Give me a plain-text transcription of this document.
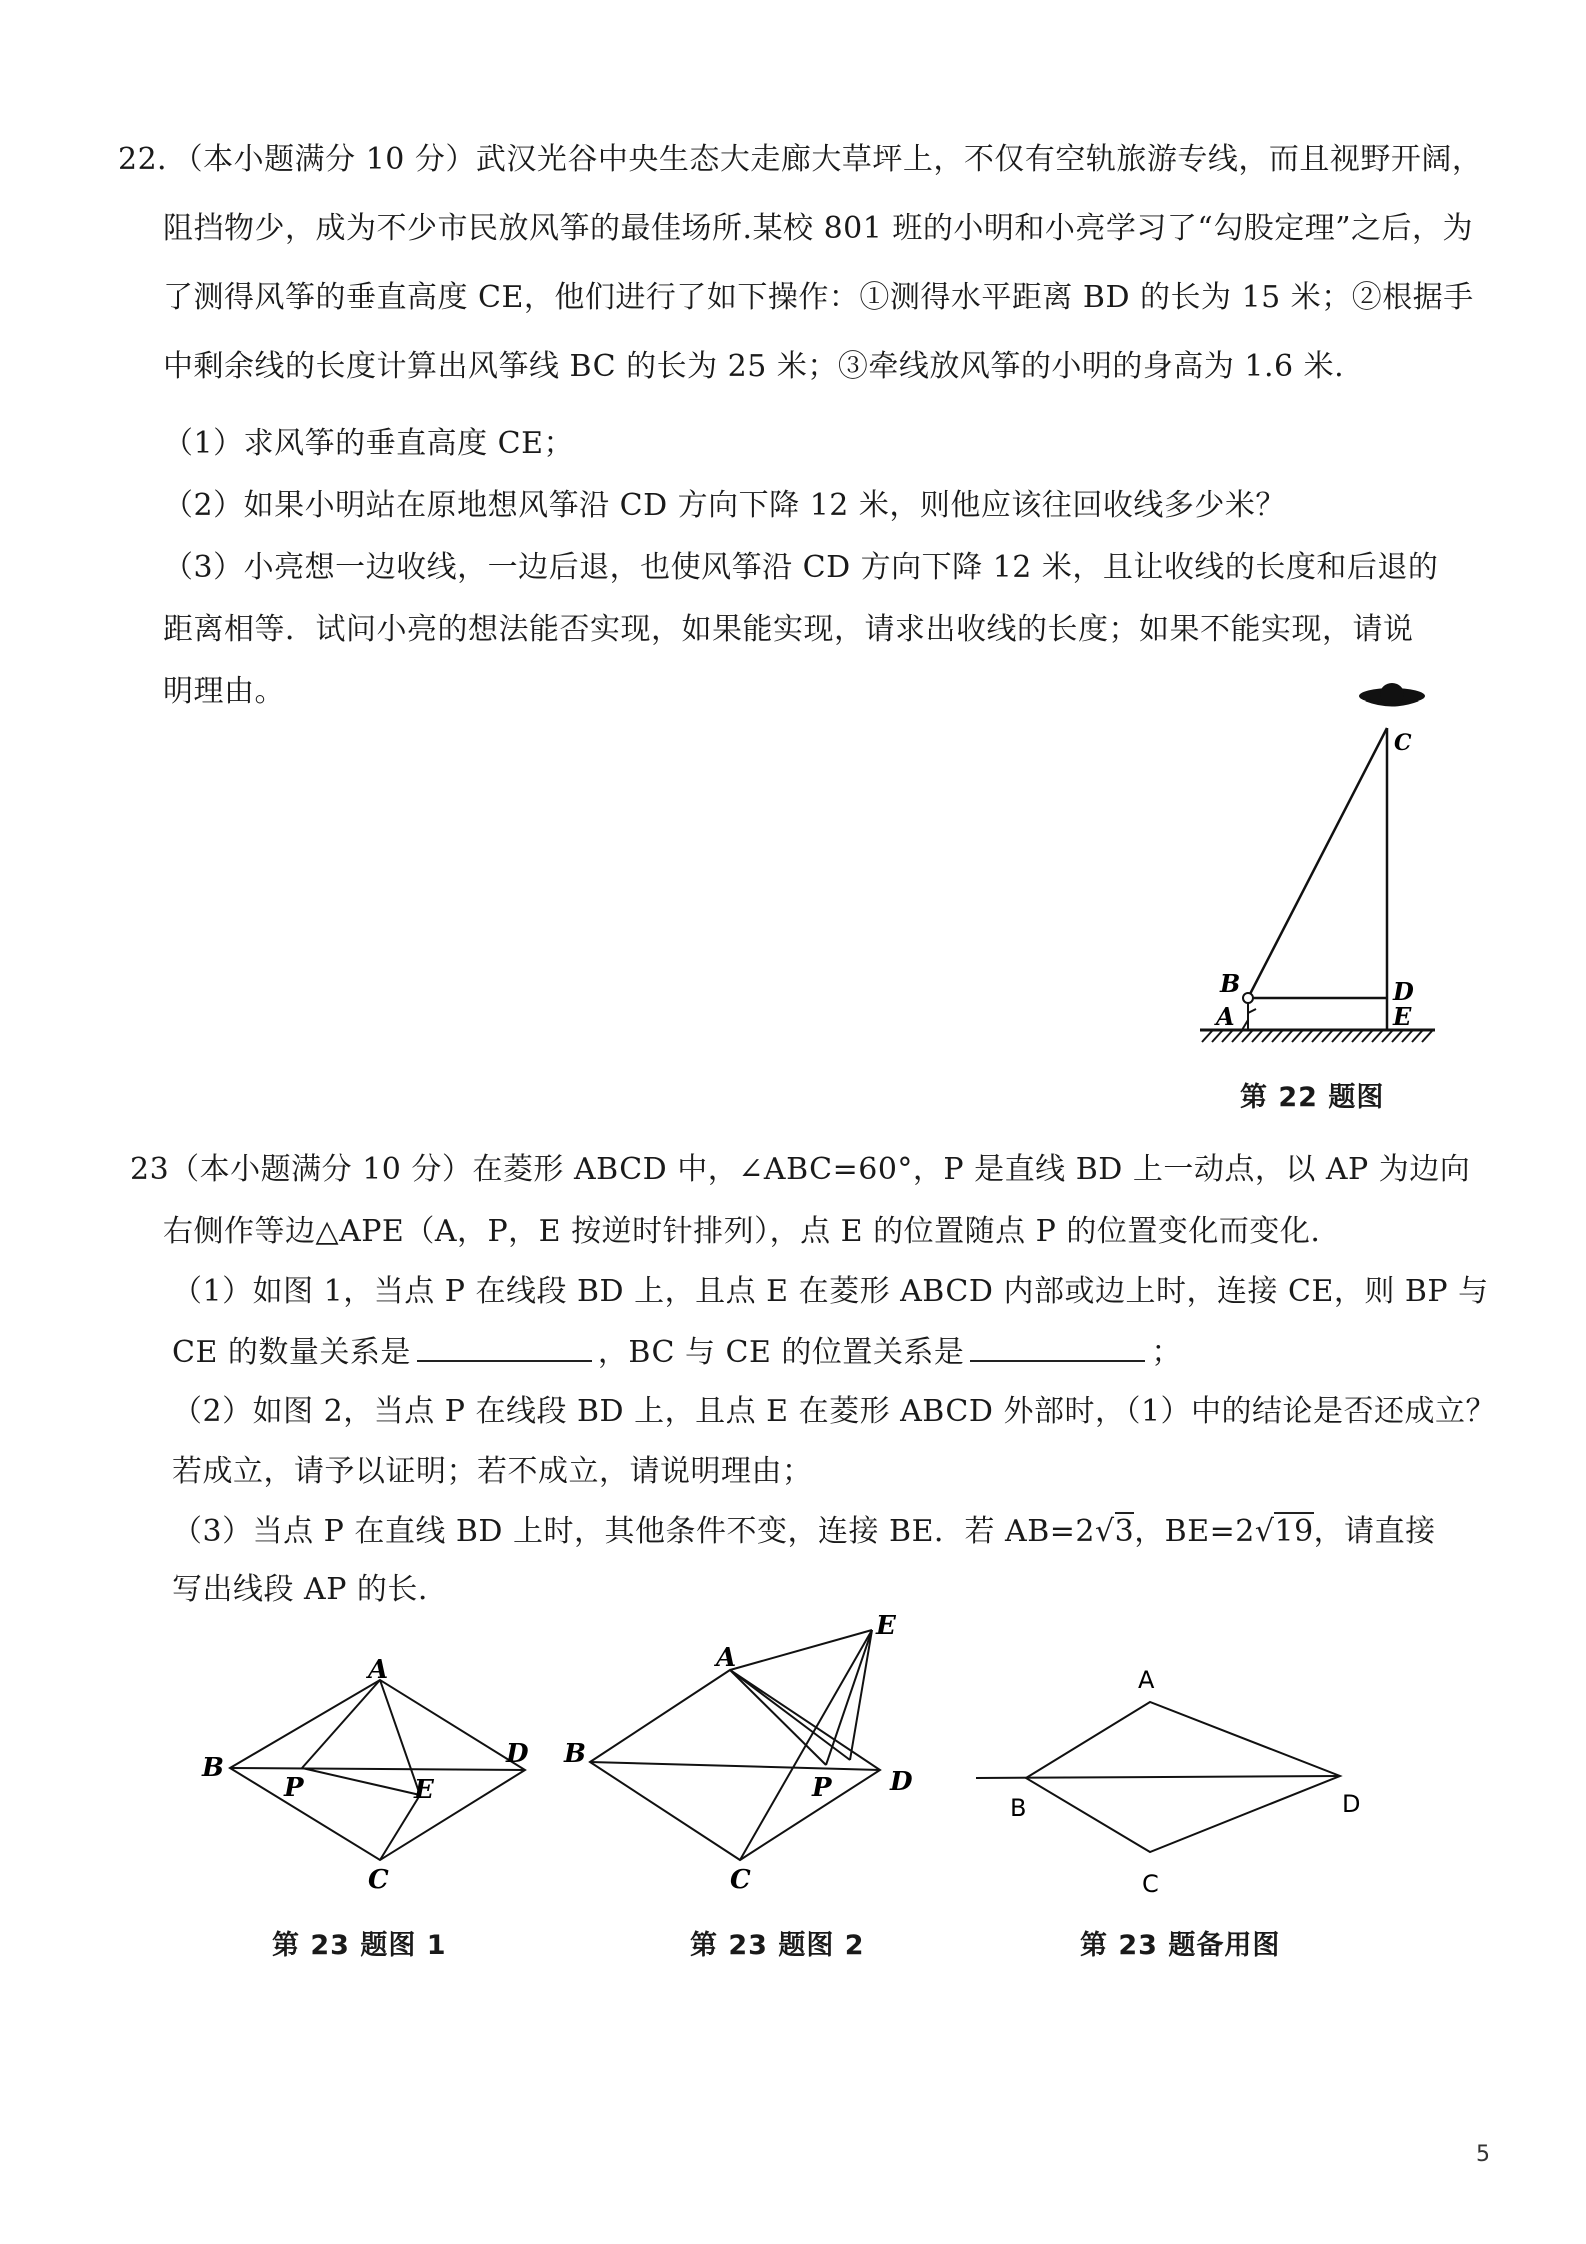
22．（本小题满分 10 分）武汉光谷中央生态大走廊大草坪上，不仅有空轨旅游专线，而且视野开阔，
阻挡物少，成为不少市民放风筝的最佳场所.某校 801 班的小明和小亮学习了“勾股定理”之后，为
了测得风筝的垂直高度 CE，他们进行了如下操作：①测得水平距离 BD 的长为 15 米；②根据手
中剩余线的长度计算出风筝线 BC 的长为 25 米；③牵线放风筝的小明的身高为 1.6 米.
（1）求风筝的垂直高度 CE；
（2）如果小明站在原地想风筝沿 CD 方向下降 12 米，则他应该往回收线多少米？
（3）小亮想一边收线，一边后退，也使风筝沿 CD 方向下降 12 米，且让收线的长度和后退的
距离相等．试问小亮的想法能否实现，如果能实现，请求出收线的长度；如果不能实现，请说
明理由。
C
B	D
A	E
第 22 题图
23（本小题满分 10 分）在菱形 ABCD 中，∠ABC=60°，P 是直线 BD 上一动点，以 AP 为边向
右侧作等边△APE（A，P，E 按逆时针排列），点 E 的位置随点 P 的位置变化而变化.
（1）如图 1，当点 P 在线段 BD 上，且点 E 在菱形 ABCD 内部或边上时，连接 CE，则 BP 与
CE 的数量关系是	，BC 与 CE 的位置关系是	；
（2）如图 2，当点 P 在线段 BD 上，且点 E 在菱形 ABCD 外部时，（1）中的结论是否还成立？
若成立，请予以证明；若不成立，请说明理由；
（3）当点 P 在直线 BD 上时，其他条件不变，连接 BE．若 AB=2√3，BE=2√19，请直接
写出线段 AP 的长.
A
B
P	E
D
C
第 23 题图 1
A
E
B
P D
C
第 23 题图 2
A
B	D
C
第 23 题备用图
5
